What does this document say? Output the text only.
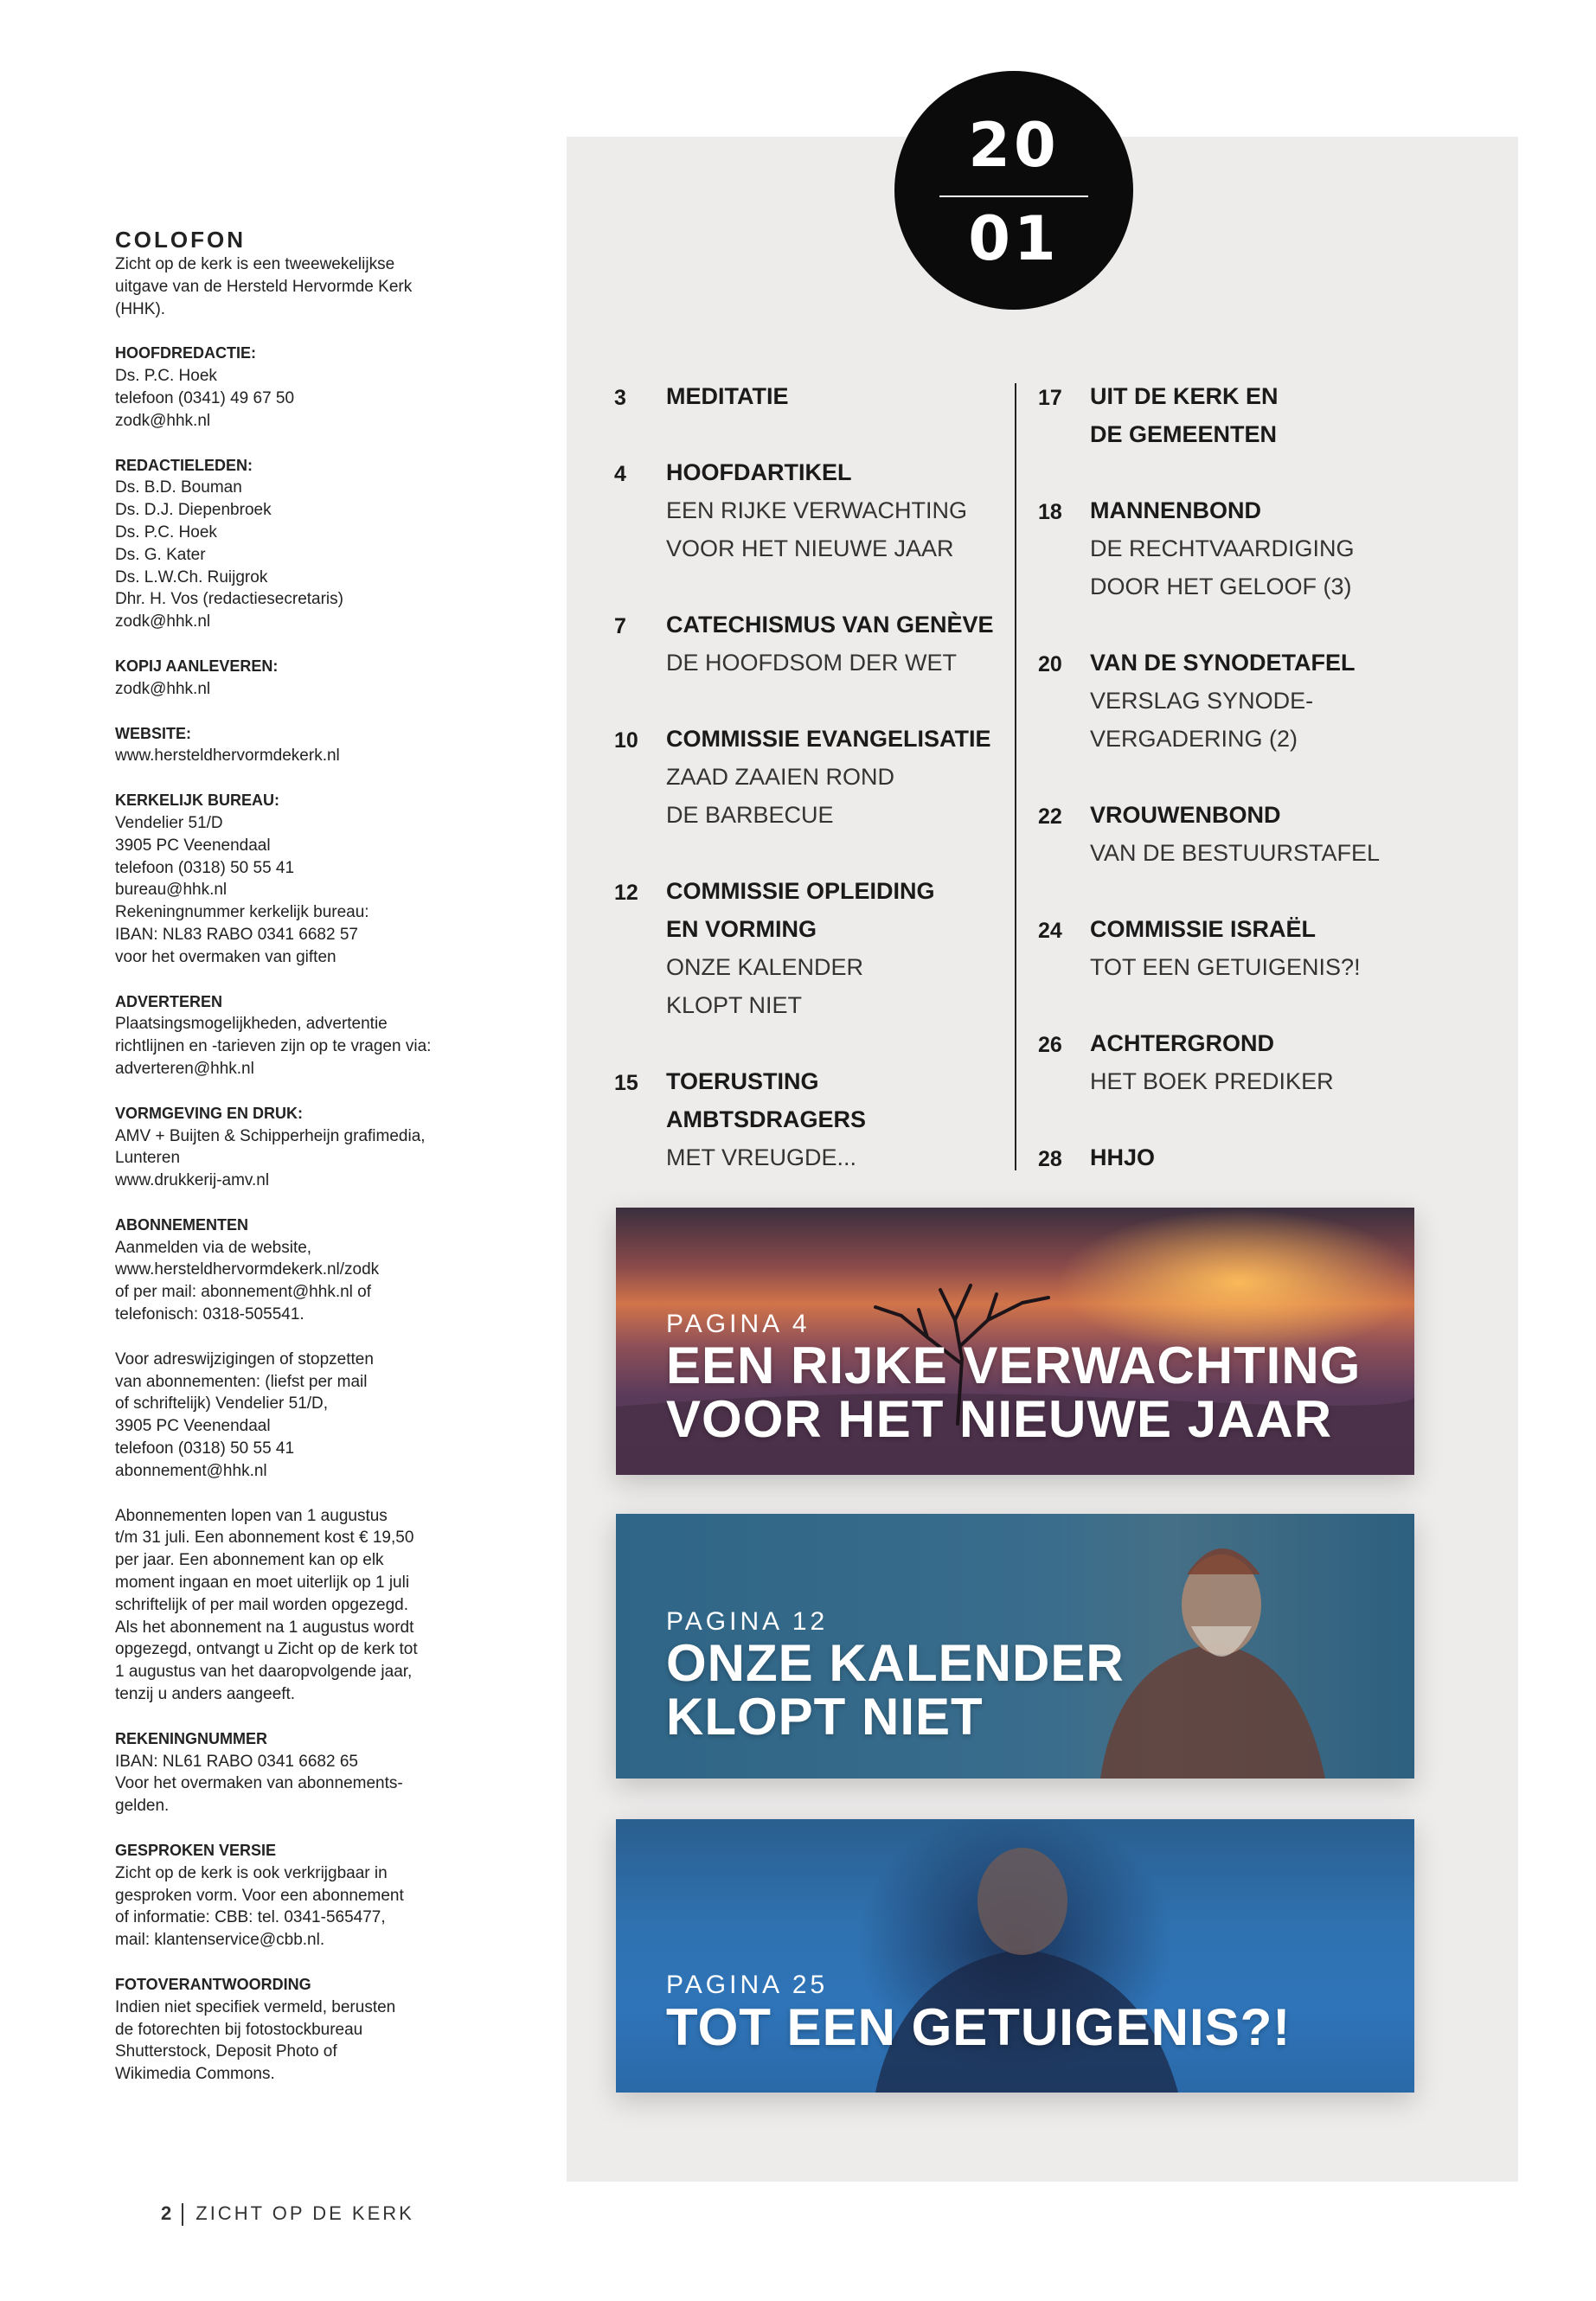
COLOFON
Zicht op de kerk is een tweewekelijkse
uitgave van de Hersteld Hervormde Kerk
(HHK).
HOOFDREDACTIE:
Ds. P.C. Hoek
telefoon (0341) 49 67 50
zodk@hhk.nl
REDACTIELEDEN:
Ds. B.D. Bouman
Ds. D.J. Diepenbroek
Ds. P.C. Hoek
Ds. G. Kater
Ds. L.W.Ch. Ruijgrok
Dhr. H. Vos (redactiesecretaris)
zodk@hhk.nl
KOPIJ AANLEVEREN:
zodk@hhk.nl
WEBSITE:
www.hersteldhervormdekerk.nl
KERKELIJK BUREAU:
Vendelier 51/D
3905 PC Veenendaal
telefoon (0318) 50 55 41
bureau@hhk.nl
Rekeningnummer kerkelijk bureau:
IBAN: NL83 RABO 0341 6682 57
voor het overmaken van giften
ADVERTEREN
Plaatsingsmogelijkheden, advertentie
richtlijnen en -tarieven zijn op te vragen via:
adverteren@hhk.nl
VORMGEVING EN DRUK:
AMV + Buijten & Schipperheijn grafimedia,
Lunteren
www.drukkerij-amv.nl
ABONNEMENTEN
Aanmelden via de website,
www.hersteldhervormdekerk.nl/zodk
of per mail: abonnement@hhk.nl of
telefonisch: 0318-505541.
Voor adreswijzigingen of stopzetten
van abonnementen: (liefst per mail
of schriftelijk) Vendelier 51/D,
3905 PC Veenendaal
telefoon (0318) 50 55 41
abonnement@hhk.nl
Abonnementen lopen van 1 augustus
t/m 31 juli. Een abonnement kost € 19,50
per jaar. Een abonnement kan op elk
moment ingaan en moet uiterlijk op 1 juli
schriftelijk of per mail worden opgezegd.
Als het abonnement na 1 augustus wordt
opgezegd, ontvangt u Zicht op de kerk tot
1 augustus van het daaropvolgende jaar,
tenzij u anders aangeeft.
REKENINGNUMMER
IBAN: NL61 RABO 0341 6682 65
Voor het overmaken van abonnements-
gelden.
GESPROKEN VERSIE
Zicht op de kerk is ook verkrijgbaar in
gesproken vorm. Voor een abonnement
of informatie: CBB: tel. 0341-565477,
mail: klantenservice@cbb.nl.
FOTOVERANTWOORDING
Indien niet specifiek vermeld, berusten
de fotorechten bij fotostockbureau
Shutterstock, Deposit Photo of
Wikimedia Commons.
20
01
3 MEDITATIE
4 HOOFDARTIKEL
EEN RIJKE VERWACHTING
VOOR HET NIEUWE JAAR
7 CATECHISMUS VAN GENÈVE
DE HOOFDSOM DER WET
10 COMMISSIE EVANGELISATIE
ZAAD ZAAIEN ROND
DE BARBECUE
12 COMMISSIE OPLEIDING
EN VORMING
ONZE KALENDER
KLOPT NIET
15 TOERUSTING
AMBTSDRAGERS
MET VREUGDE...
17 UIT DE KERK EN
DE GEMEENTEN
18 MANNENBOND
DE RECHTVAARDIGING
DOOR HET GELOOF (3)
20 VAN DE SYNODETAFEL
VERSLAG SYNODE-
VERGADERING (2)
22 VROUWENBOND
VAN DE BESTUURSTAFEL
24 COMMISSIE ISRAËL
TOT EEN GETUIGENIS?!
26 ACHTERGROND
HET BOEK PREDIKER
28 HHJO
PAGINA 4
EEN RIJKE VERWACHTING
VOOR HET NIEUWE JAAR
PAGINA 12
ONZE KALENDER
KLOPT NIET
PAGINA 25
TOT EEN GETUIGENIS?!
2 ZICHT OP DE KERK
